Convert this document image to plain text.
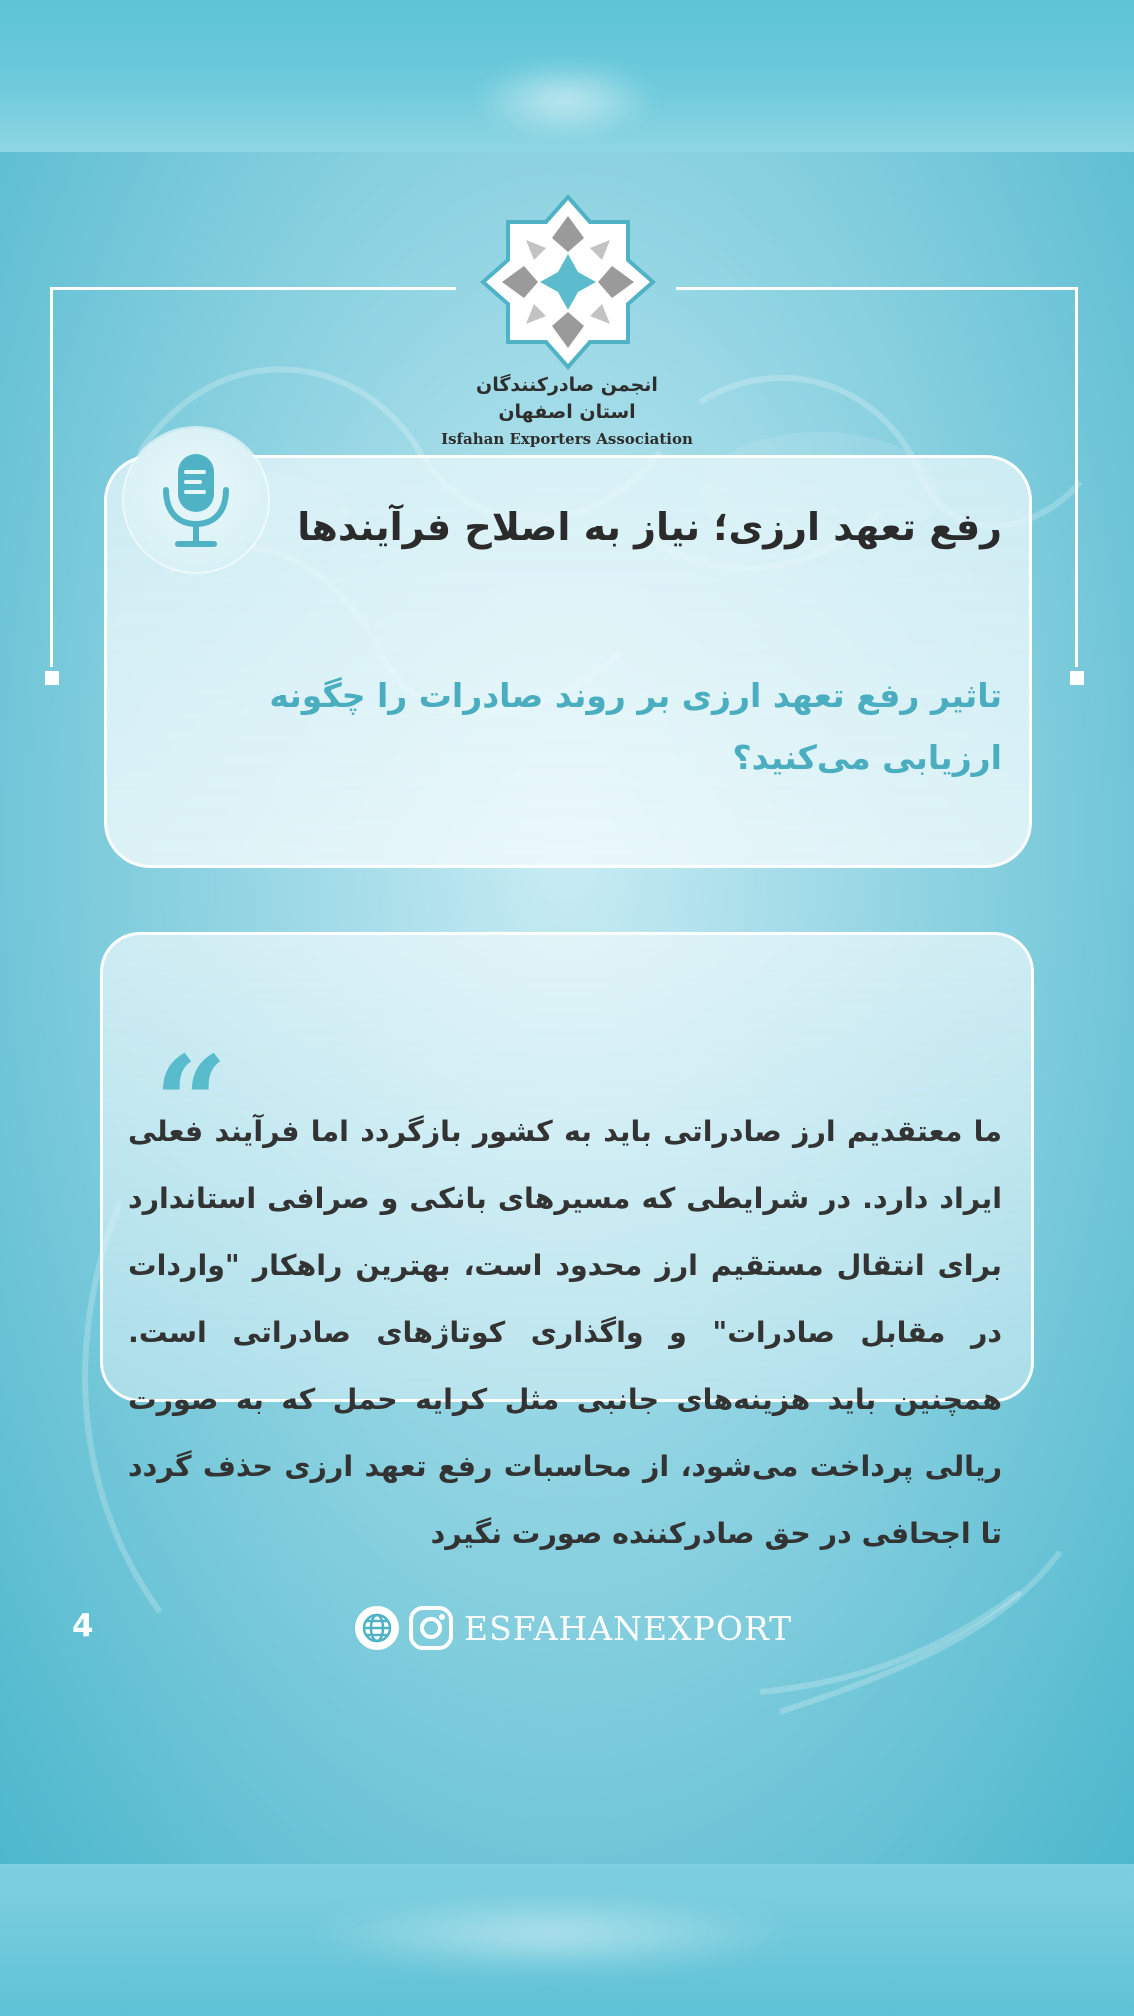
انجمن صادرکنندگان
استان اصفهان
Isfahan Exporters Association
رفع تعهد ارزی؛ نیاز به اصلاح فرآیندها
تاثیر رفع تعهد ارزی بر روند صادرات را چگونه ارزیابی می‌کنید؟
“
ما معتقدیم ارز صادراتی باید به کشور بازگردد اما فرآیند فعلی ایراد دارد. در شرایطی که مسیرهای بانکی و صرافی استاندارد برای انتقال مستقیم ارز محدود است، بهترین راهکار "واردات در مقابل صادرات" و واگذاری کوتاژهای صادراتی است. همچنین باید هزینه‌های جانبی مثل کرایه حمل که به صورت ریالی پرداخت می‌شود، از محاسبات رفع تعهد ارزی حذف گردد تا اجحافی در حق صادرکننده صورت نگیرد
4	ESFAHANEXPORT
